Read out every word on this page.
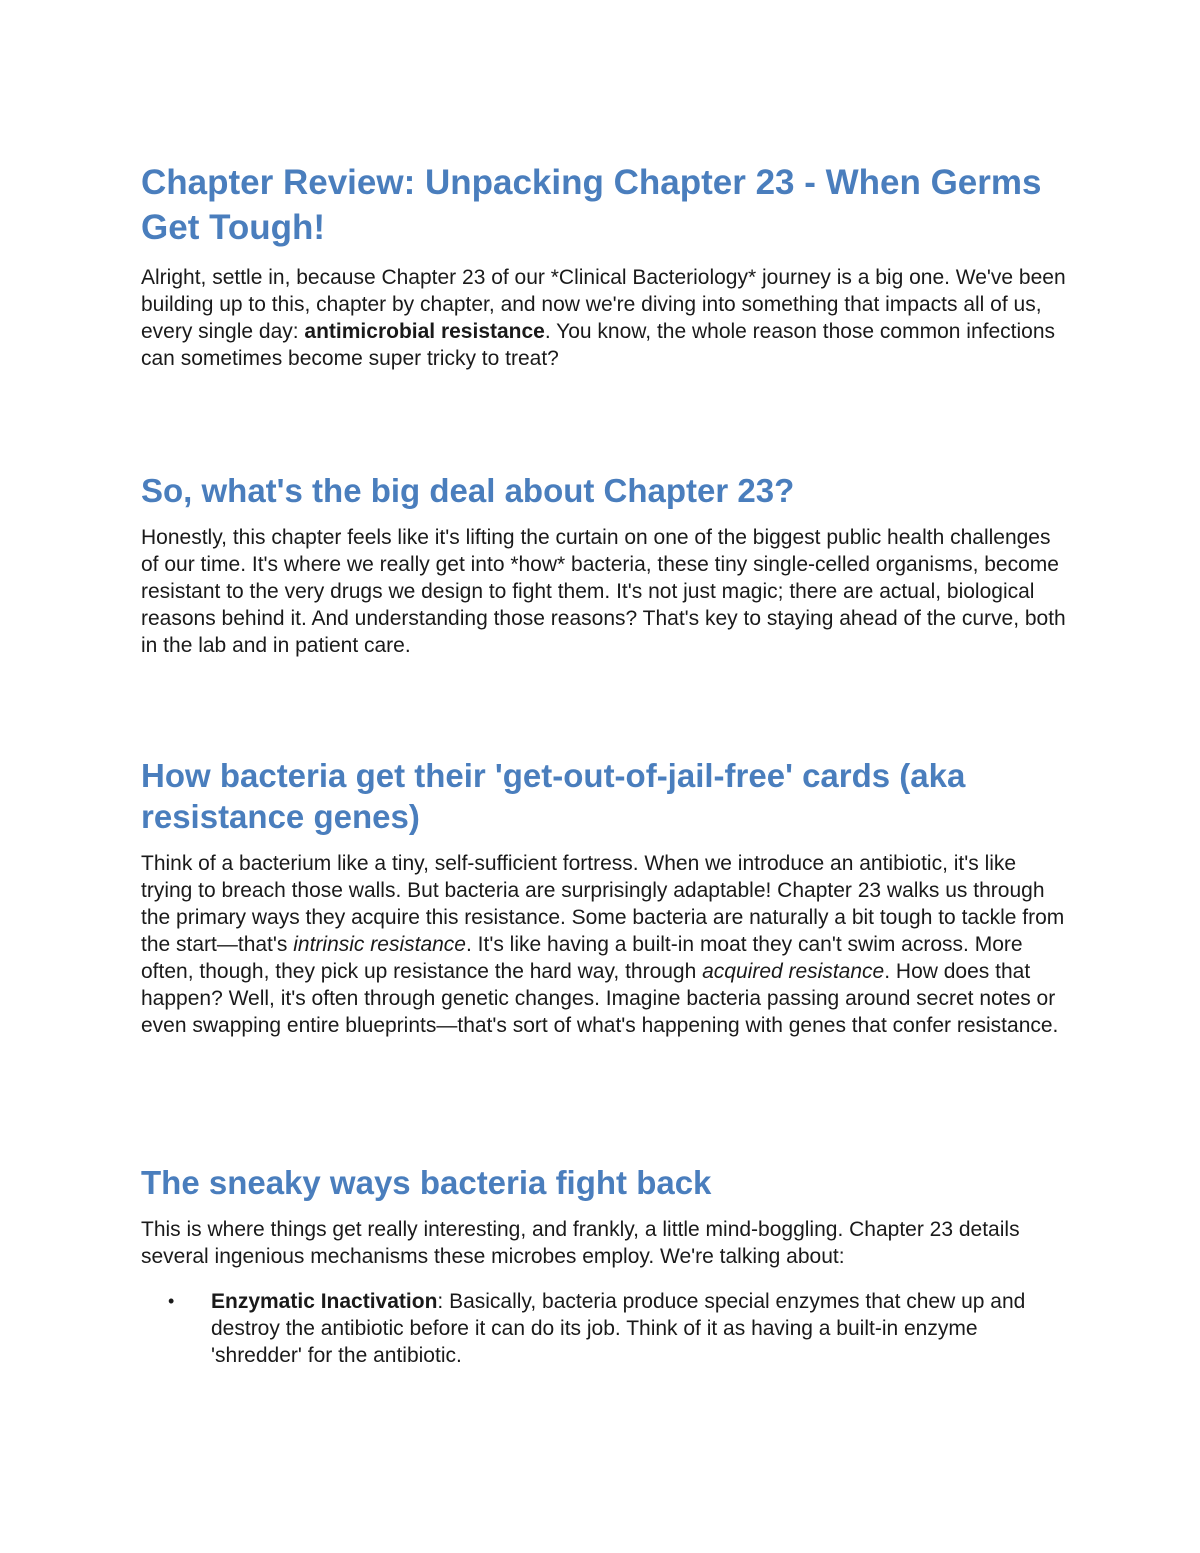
Chapter Review: Unpacking Chapter 23 - When Germs Get Tough!

Alright, settle in, because Chapter 23 of our *Clinical Bacteriology* journey is a big one. We've been building up to this, chapter by chapter, and now we're diving into something that impacts all of us, every single day: antimicrobial resistance. You know, the whole reason those common infections can sometimes become super tricky to treat?

So, what's the big deal about Chapter 23?

Honestly, this chapter feels like it's lifting the curtain on one of the biggest public health challenges of our time. It's where we really get into *how* bacteria, these tiny single-celled organisms, become resistant to the very drugs we design to fight them. It's not just magic; there are actual, biological reasons behind it. And understanding those reasons? That's key to staying ahead of the curve, both in the lab and in patient care.

How bacteria get their 'get-out-of-jail-free' cards (aka resistance genes)

Think of a bacterium like a tiny, self-sufficient fortress. When we introduce an antibiotic, it's like trying to breach those walls. But bacteria are surprisingly adaptable! Chapter 23 walks us through the primary ways they acquire this resistance. Some bacteria are naturally a bit tough to tackle from the start—that's intrinsic resistance. It's like having a built-in moat they can't swim across. More often, though, they pick up resistance the hard way, through acquired resistance. How does that happen? Well, it's often through genetic changes. Imagine bacteria passing around secret notes or even swapping entire blueprints—that's sort of what's happening with genes that confer resistance.

The sneaky ways bacteria fight back

This is where things get really interesting, and frankly, a little mind-boggling. Chapter 23 details several ingenious mechanisms these microbes employ. We're talking about:

• Enzymatic Inactivation: Basically, bacteria produce special enzymes that chew up and destroy the antibiotic before it can do its job. Think of it as having a built-in enzyme 'shredder' for the antibiotic.
